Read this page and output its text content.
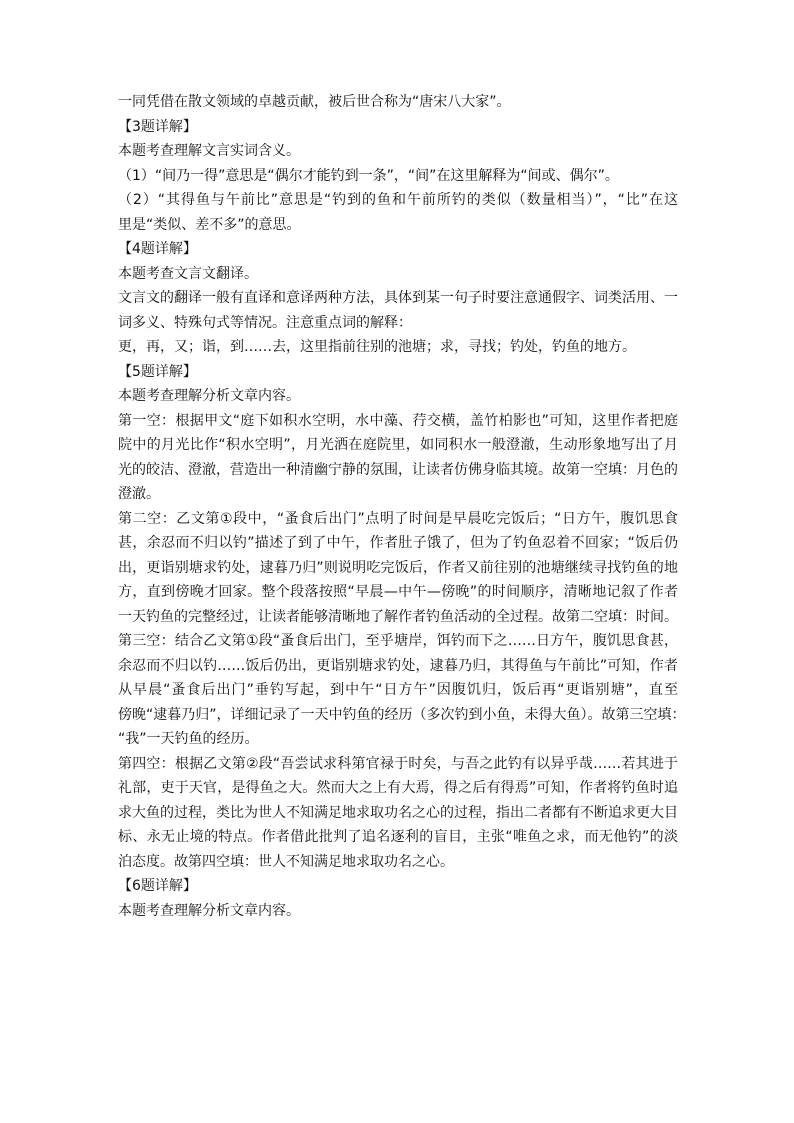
一同凭借在散文领域的卓越贡献，被后世合称为“唐宋八大家”。
【3题详解】
本题考查理解文言实词含义。
（1）“间乃一得”意思是“偶尔才能钓到一条”，“间”在这里解释为“间或、偶尔”。
（2）“其得鱼与午前比”意思是“钓到的鱼和午前所钓的类似（数量相当）”，“比”在这
里是“类似、差不多”的意思。
【4题详解】
本题考查文言文翻译。
文言文的翻译一般有直译和意译两种方法，具体到某一句子时要注意通假字、词类活用、一
词多义、特殊句式等情况。注意重点词的解释：
更，再，又；诣，到……去，这里指前往别的池塘；求，寻找；钓处，钓鱼的地方。
【5题详解】
本题考查理解分析文章内容。
第一空：根据甲文“庭下如积水空明，水中藻、荇交横，盖竹柏影也”可知，这里作者把庭
院中的月光比作“积水空明”，月光洒在庭院里，如同积水一般澄澈，生动形象地写出了月
光的皎洁、澄澈，营造出一种清幽宁静的氛围，让读者仿佛身临其境。故第一空填：月色的
澄澈。
第二空：乙文第①段中，“蚤食后出门”点明了时间是早晨吃完饭后；“日方午，腹饥思食
甚，余忍而不归以钓”描述了到了中午，作者肚子饿了，但为了钓鱼忍着不回家；“饭后仍
出，更诣别塘求钓处，逮暮乃归”则说明吃完饭后，作者又前往别的池塘继续寻找钓鱼的地
方，直到傍晚才回家。整个段落按照“早晨—中午—傍晚”的时间顺序，清晰地记叙了作者
一天钓鱼的完整经过，让读者能够清晰地了解作者钓鱼活动的全过程。故第二空填：时间。
第三空：结合乙文第①段“蚤食后出门，至乎塘岸，饵钓而下之……日方午，腹饥思食甚，
余忍而不归以钓……饭后仍出，更诣别塘求钓处，逮暮乃归，其得鱼与午前比”可知，作者
从早晨“蚤食后出门”垂钓写起，到中午“日方午”因腹饥归，饭后再“更诣别塘”，直至
傍晚“逮暮乃归”，详细记录了一天中钓鱼的经历（多次钓到小鱼，未得大鱼）。故第三空填：
“我”一天钓鱼的经历。
第四空：根据乙文第②段“吾尝试求科第官禄于时矣，与吾之此钓有以异乎哉……若其进于
礼部，吏于天官，是得鱼之大。然而大之上有大焉，得之后有得焉”可知，作者将钓鱼时追
求大鱼的过程，类比为世人不知满足地求取功名之心的过程，指出二者都有不断追求更大目
标、永无止境的特点。作者借此批判了追名逐利的盲目，主张“唯鱼之求，而无他钓”的淡
泊态度。故第四空填：世人不知满足地求取功名之心。
【6题详解】
本题考查理解分析文章内容。
